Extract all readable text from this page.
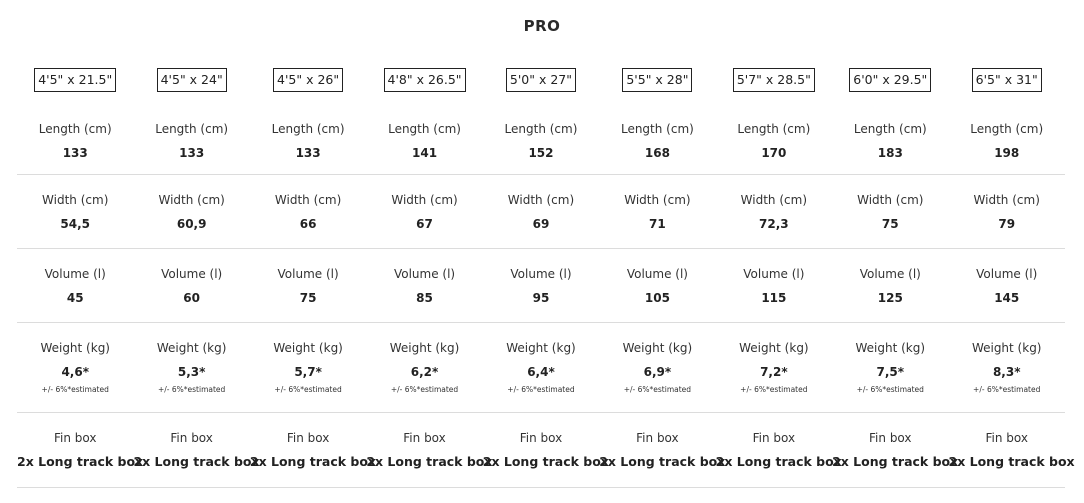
PRO
4'5" x 21.5"
Length (cm)
133
4'5" x 24"
Length (cm)
133
4'5" x 26"
Length (cm)
133
4'8" x 26.5"
Length (cm)
141
5'0" x 27"
Length (cm)
152
5'5" x 28"
Length (cm)
168
5'7" x 28.5"
Length (cm)
170
6'0" x 29.5"
Length (cm)
183
6'5" x 31"
Length (cm)
198
Width (cm)
54,5
Width (cm)
60,9
Width (cm)
66
Width (cm)
67
Width (cm)
69
Width (cm)
71
Width (cm)
72,3
Width (cm)
75
Width (cm)
79
Volume (l)
45
Volume (l)
60
Volume (l)
75
Volume (l)
85
Volume (l)
95
Volume (l)
105
Volume (l)
115
Volume (l)
125
Volume (l)
145
Weight (kg)
4,6*
+/- 6%*estimated
Weight (kg)
5,3*
+/- 6%*estimated
Weight (kg)
5,7*
+/- 6%*estimated
Weight (kg)
6,2*
+/- 6%*estimated
Weight (kg)
6,4*
+/- 6%*estimated
Weight (kg)
6,9*
+/- 6%*estimated
Weight (kg)
7,2*
+/- 6%*estimated
Weight (kg)
7,5*
+/- 6%*estimated
Weight (kg)
8,3*
+/- 6%*estimated
Fin box
2x Long track box
Fin box
2x Long track box
Fin box
2x Long track box
Fin box
2x Long track box
Fin box
2x Long track box
Fin box
2x Long track box
Fin box
2x Long track box
Fin box
2x Long track box
Fin box
2x Long track box
